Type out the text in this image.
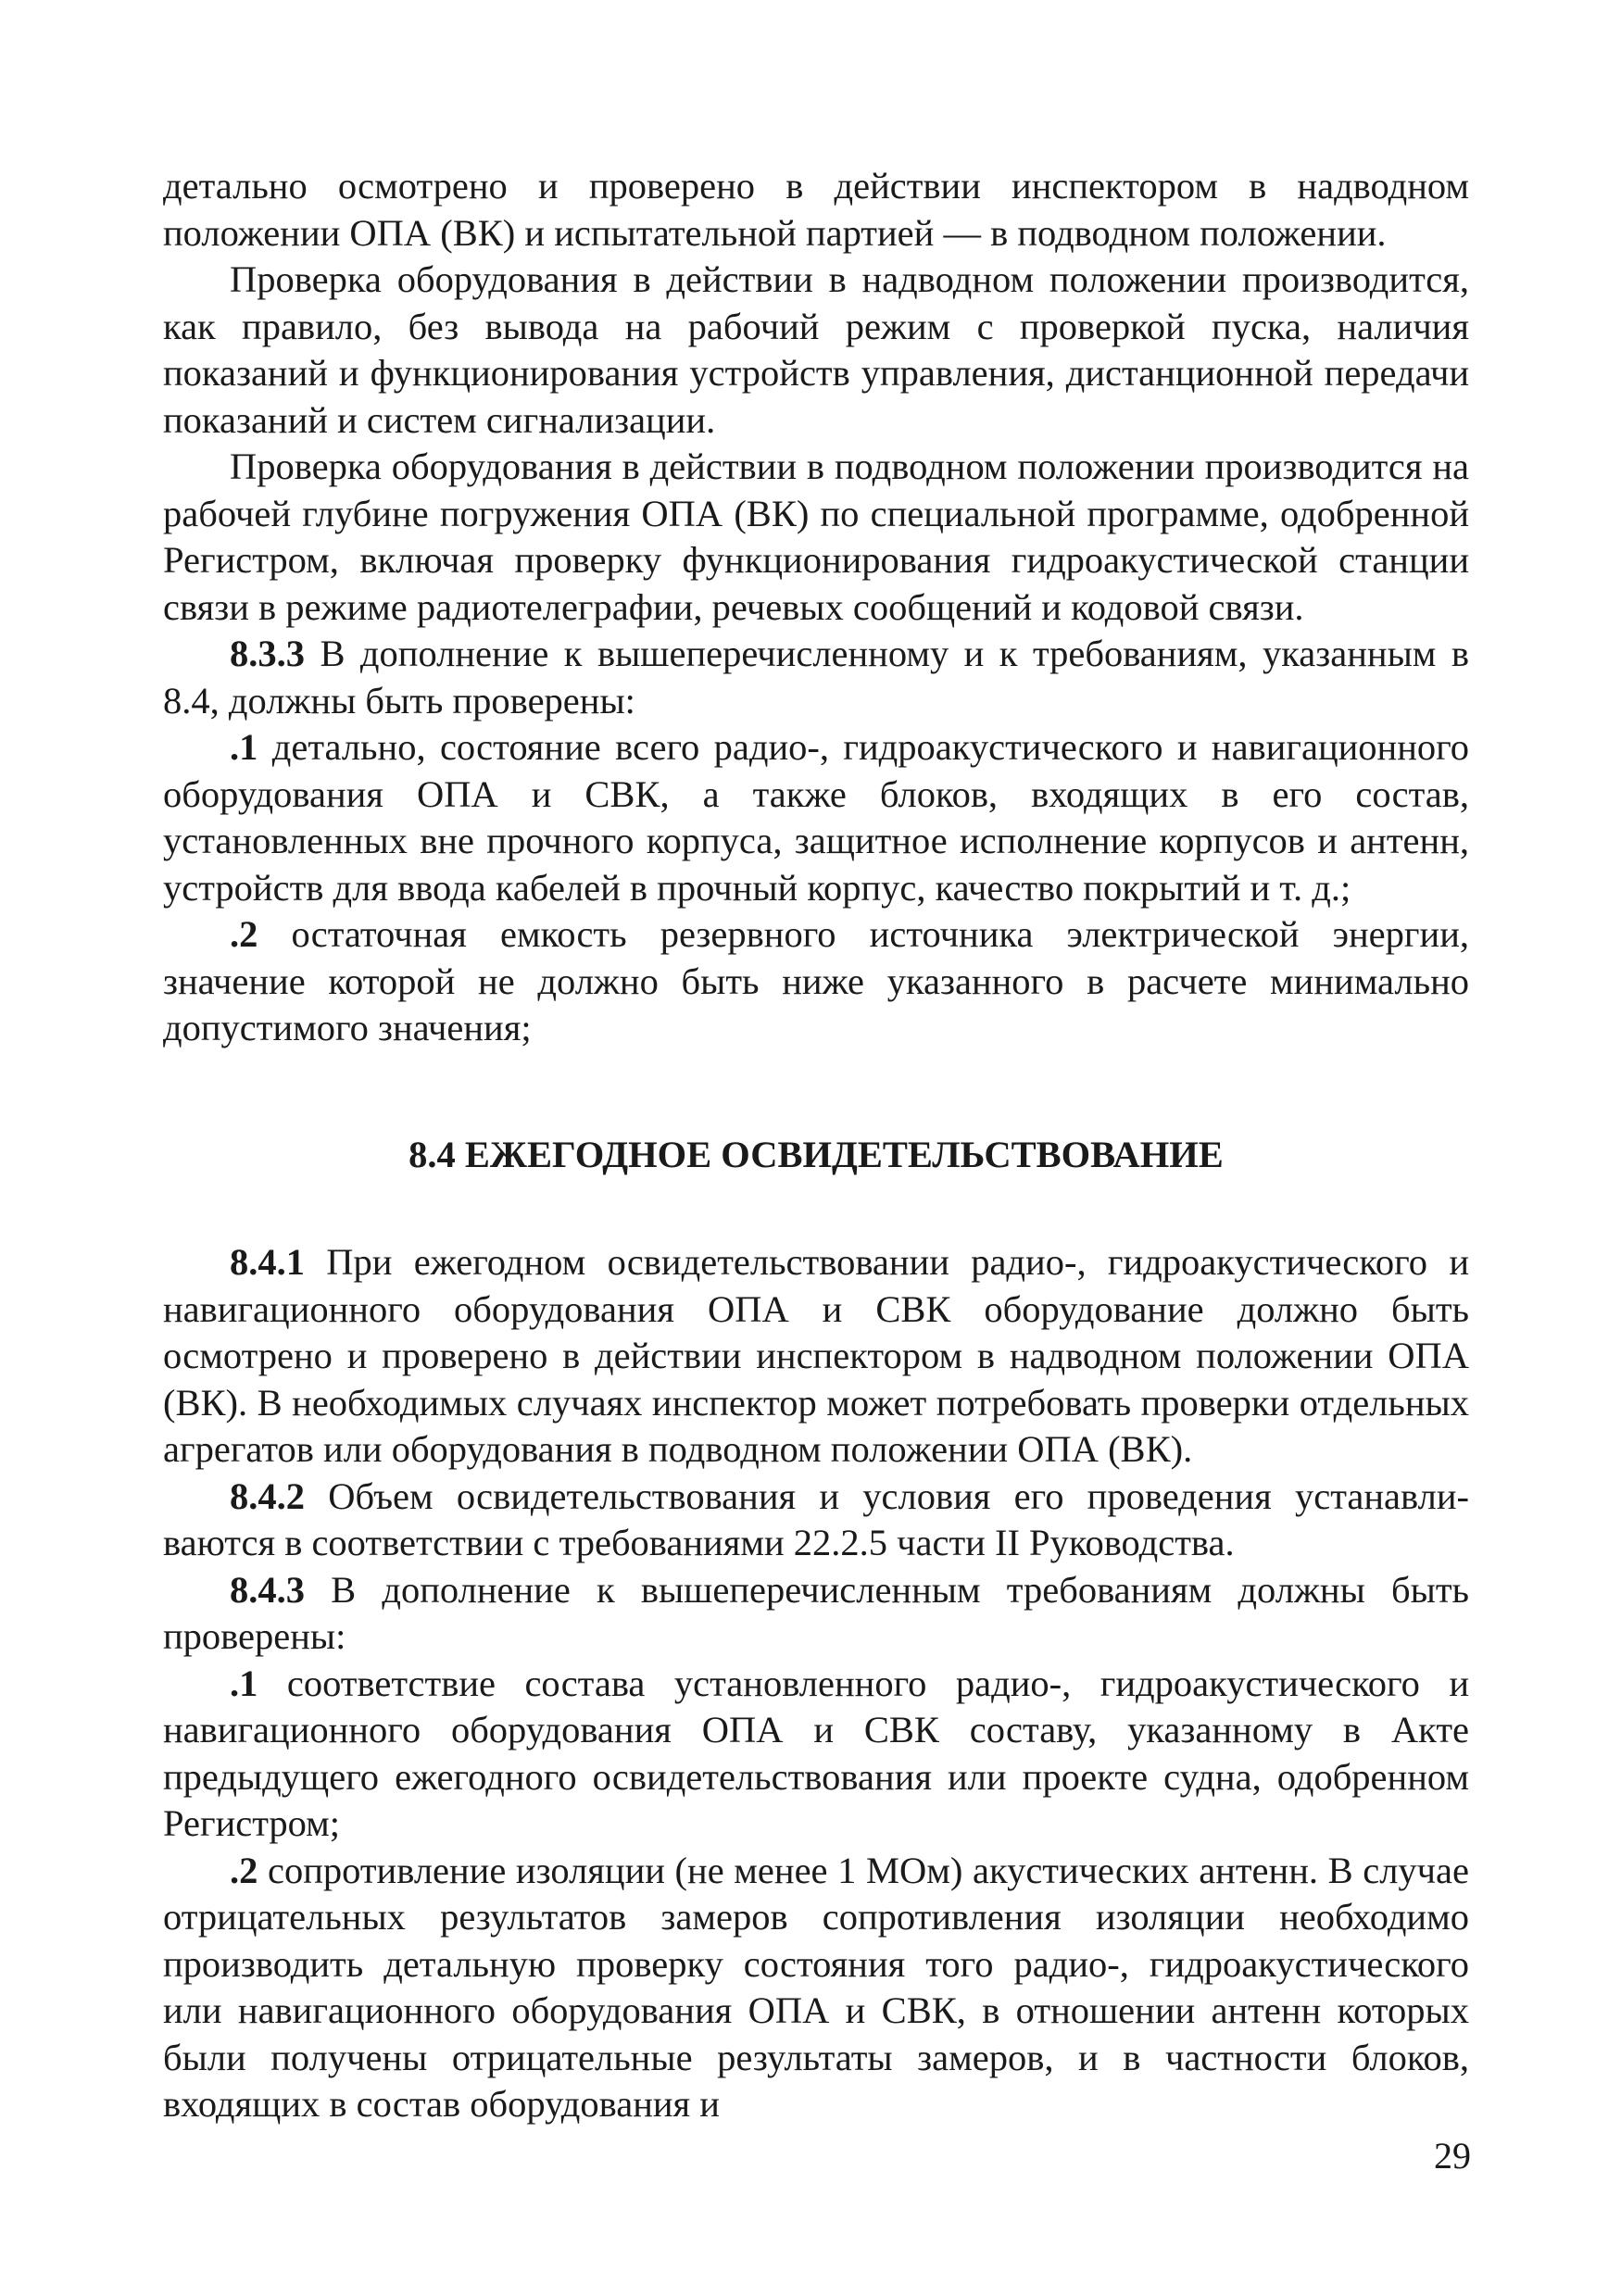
детально осмотрено и проверено в действии инспектором в надводном положении ОПА (ВК) и испытательной партией — в подводном положении.

Проверка оборудования в действии в надводном положении производится, как правило, без вывода на рабочий режим с проверкой пуска, наличия показаний и функционирования устройств управления, дистанционной передачи показаний и систем сигнализации.

Проверка оборудования в действии в подводном положении производится на рабочей глубине погружения ОПА (ВК) по специальной программе, одобренной Регистром, включая проверку функционирования гидроакустической станции связи в режиме радиотелеграфии, речевых сообщений и кодовой связи.

8.3.3 В дополнение к вышеперечисленному и к требованиям, указанным в 8.4, должны быть проверены:

.1 детально, состояние всего радио-, гидроакустического и навигационного оборудования ОПА и СВК, а также блоков, входящих в его состав, установленных вне прочного корпуса, защитное исполнение корпусов и антенн, устройств для ввода кабелей в прочный корпус, качество покрытий и т. д.;

.2 остаточная емкость резервного источника электрической энергии, значение которой не должно быть ниже указанного в расчете минимально допустимого значения;

8.4 ЕЖЕГОДНОЕ ОСВИДЕТЕЛЬСТВОВАНИЕ

8.4.1 При ежегодном освидетельствовании радио-, гидроакустического и навигационного оборудования ОПА и СВК оборудование должно быть осмотрено и проверено в действии инспектором в надводном положении ОПА (ВК). В необходимых случаях инспектор может потребовать проверки отдельных агрегатов или оборудования в подводном положении ОПА (ВК).

8.4.2 Объем освидетельствования и условия его проведения устанавливаются в соответствии с требованиями 22.2.5 части II Руководства.

8.4.3 В дополнение к вышеперечисленным требованиям должны быть проверены:

.1 соответствие состава установленного радио-, гидроакустического и навигационного оборудования ОПА и СВК составу, указанному в Акте предыдущего ежегодного освидетельствования или проекте судна, одобренном Регистром;

.2 сопротивление изоляции (не менее 1 МОм) акустических антенн. В случае отрицательных результатов замеров сопротивления изоляции необходимо производить детальную проверку состояния того радио-, гидроакустического или навигационного оборудования ОПА и СВК, в отношении антенн которых были получены отрицательные результаты замеров, и в частности блоков, входящих в состав оборудования и

29
